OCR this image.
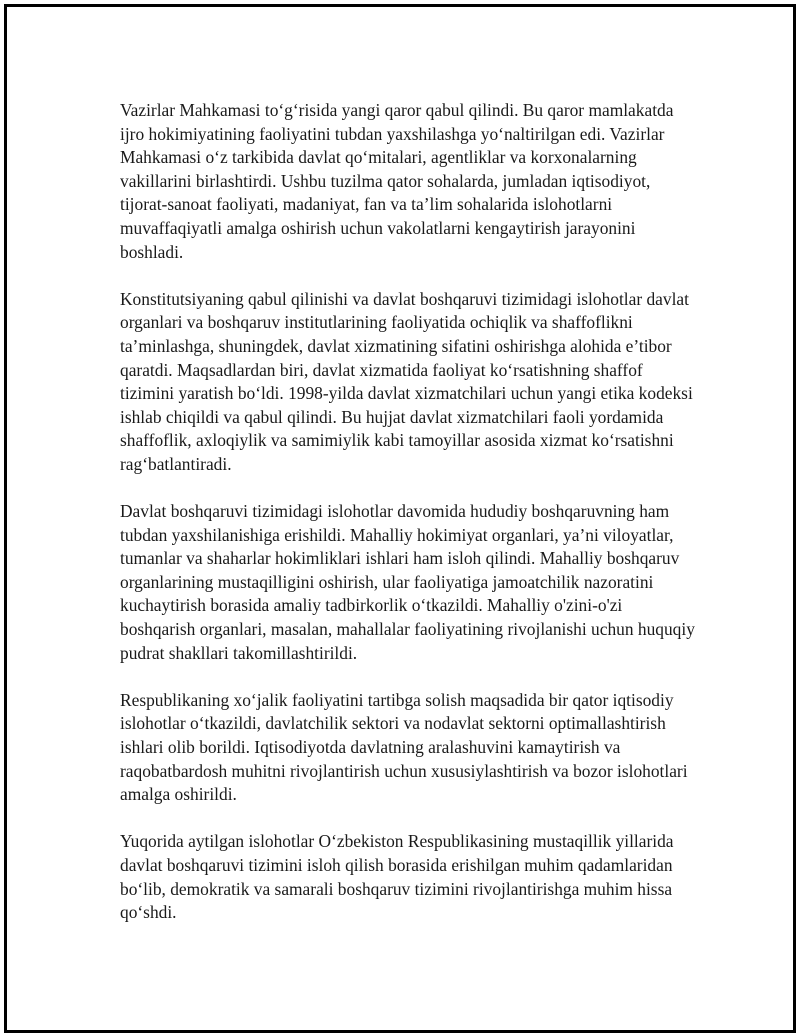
Vazirlar Mahkamasi to‘g‘risida yangi qaror qabul qilindi. Bu qaror mamlakatda ijro hokimiyatining faoliyatini tubdan yaxshilashga yo‘naltirilgan edi. Vazirlar Mahkamasi o‘z tarkibida davlat qo‘mitalari, agentliklar va korxonalarning vakillarini birlashtirdi. Ushbu tuzilma qator sohalarda, jumladan iqtisodiyot, tijorat-sanoat faoliyati, madaniyat, fan va ta’lim sohalarida islohotlarni muvaffaqiyatli amalga oshirish uchun vakolatlarni kengaytirish jarayonini boshladi.

Konstitutsiyaning qabul qilinishi va davlat boshqaruvi tizimidagi islohotlar davlat organlari va boshqaruv institutlarining faoliyatida ochiqlik va shaffoflikni ta’minlashga, shuningdek, davlat xizmatining sifatini oshirishga alohida e’tibor qaratdi. Maqsadlardan biri, davlat xizmatida faoliyat ko‘rsatishning shaffof tizimini yaratish bo‘ldi. 1998-yilda davlat xizmatchilari uchun yangi etika kodeksi ishlab chiqildi va qabul qilindi. Bu hujjat davlat xizmatchilari faoli yordamida shaffoflik, axloqiylik va samimiylik kabi tamoyillar asosida xizmat ko‘rsatishni rag‘batlantiradi.

Davlat boshqaruvi tizimidagi islohotlar davomida hududiy boshqaruvning ham tubdan yaxshilanishiga erishildi. Mahalliy hokimiyat organlari, ya’ni viloyatlar, tumanlar va shaharlar hokimliklari ishlari ham isloh qilindi. Mahalliy boshqaruv organlarining mustaqilligini oshirish, ular faoliyatiga jamoatchilik nazoratini kuchaytirish borasida amaliy tadbirkorlik o‘tkazildi. Mahalliy o'zini-o'zi boshqarish organlari, masalan, mahallalar faoliyatining rivojlanishi uchun huquqiy pudrat shakllari takomillashtirildi.

Respublikaning xo‘jalik faoliyatini tartibga solish maqsadida bir qator iqtisodiy islohotlar o‘tkazildi, davlatchilik sektori va nodavlat sektorni optimallashtirish ishlari olib borildi. Iqtisodiyotda davlatning aralashuvini kamaytirish va raqobatbardosh muhitni rivojlantirish uchun xususiylashtirish va bozor islohotlari amalga oshirildi.

Yuqorida aytilgan islohotlar O‘zbekiston Respublikasining mustaqillik yillarida davlat boshqaruvi tizimini isloh qilish borasida erishilgan muhim qadamlaridan bo‘lib, demokratik va samarali boshqaruv tizimini rivojlantirishga muhim hissa qo‘shdi.
